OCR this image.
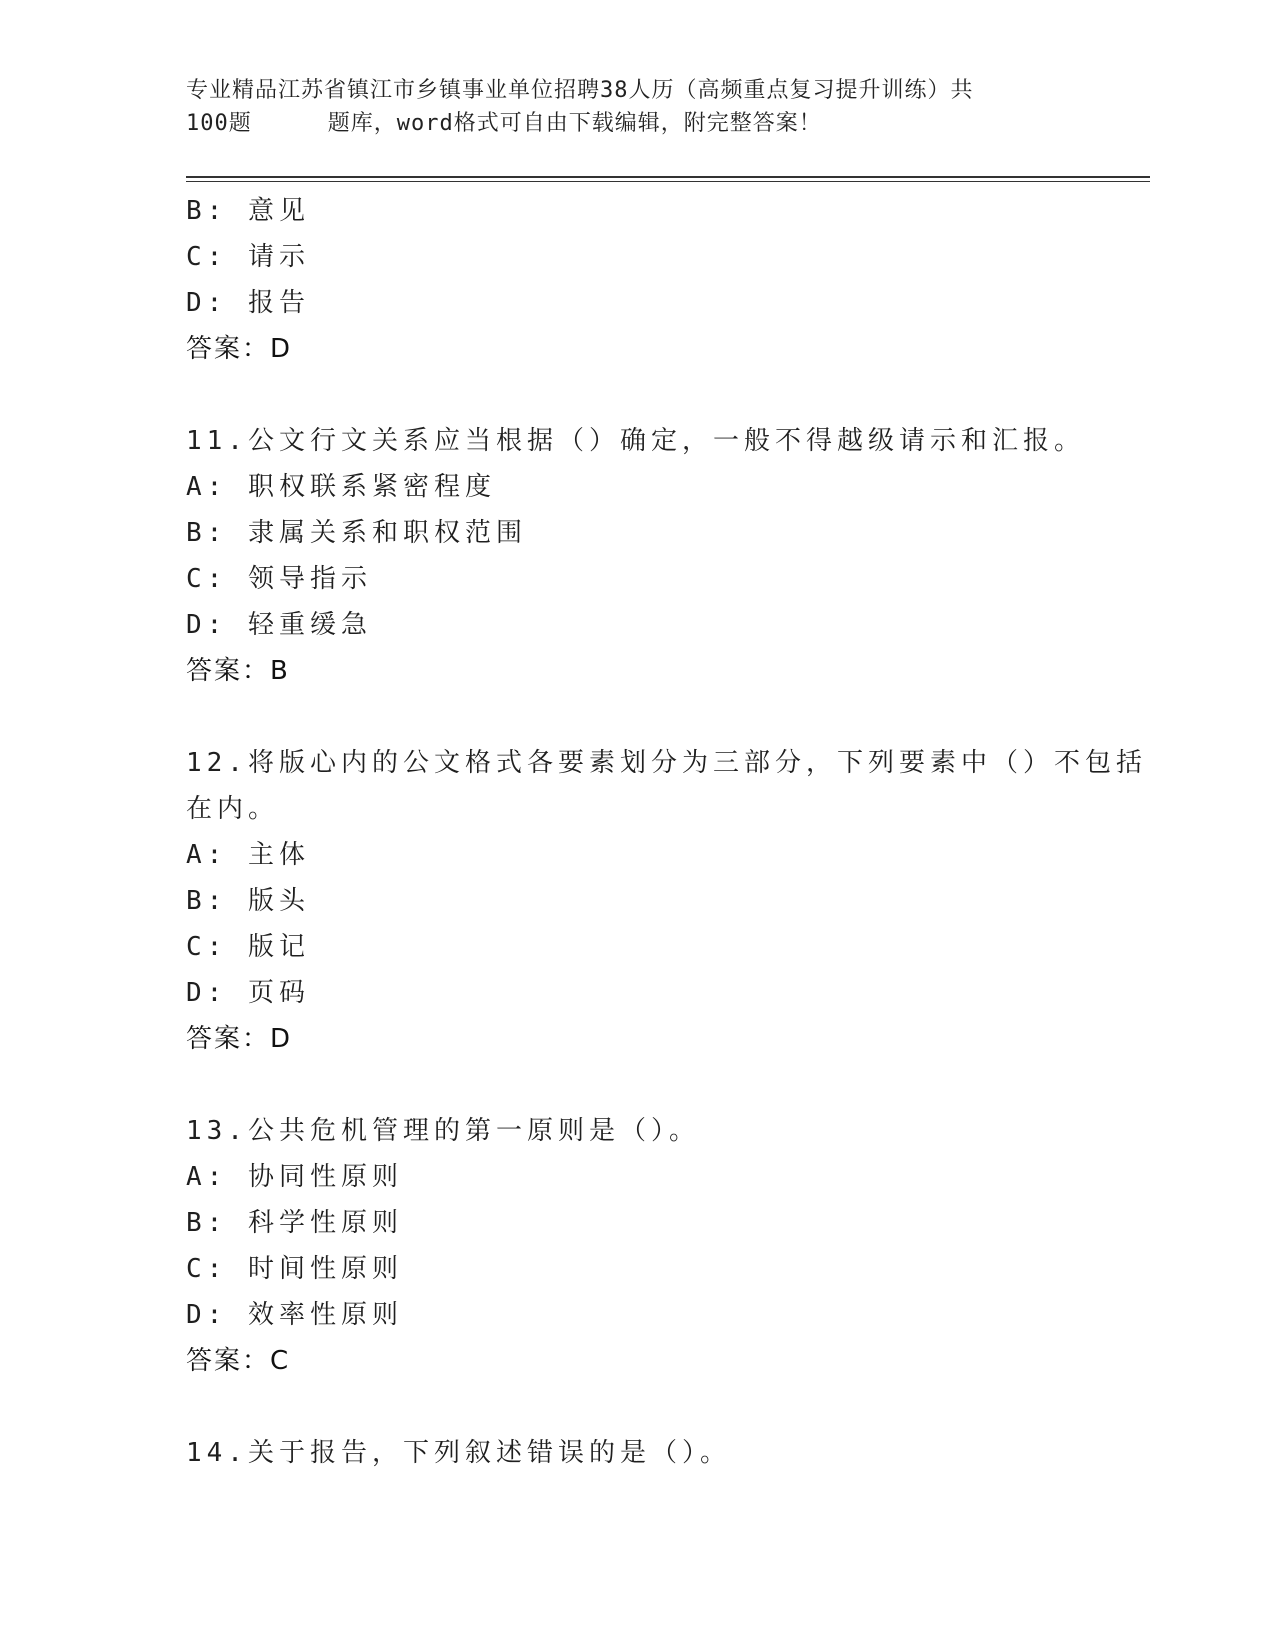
专业精品江苏省镇江市乡镇事业单位招聘38人历（高频重点复习提升训练）共
100题	题库，word格式可自由下载编辑，附完整答案！
B: 意见
C: 请示
D: 报告
答案：D
11.公文行文关系应当根据（）确定，一般不得越级请示和汇报。
A: 职权联系紧密程度
B: 隶属关系和职权范围
C: 领导指示
D: 轻重缓急
答案：B
12.将版心内的公文格式各要素划分为三部分，下列要素中（）不包括
在内。
A: 主体
B: 版头
C: 版记
D: 页码
答案：D
13.公共危机管理的第一原则是（）。
A: 协同性原则
B: 科学性原则
C: 时间性原则
D: 效率性原则
答案：C
14.关于报告，下列叙述错误的是（）。
